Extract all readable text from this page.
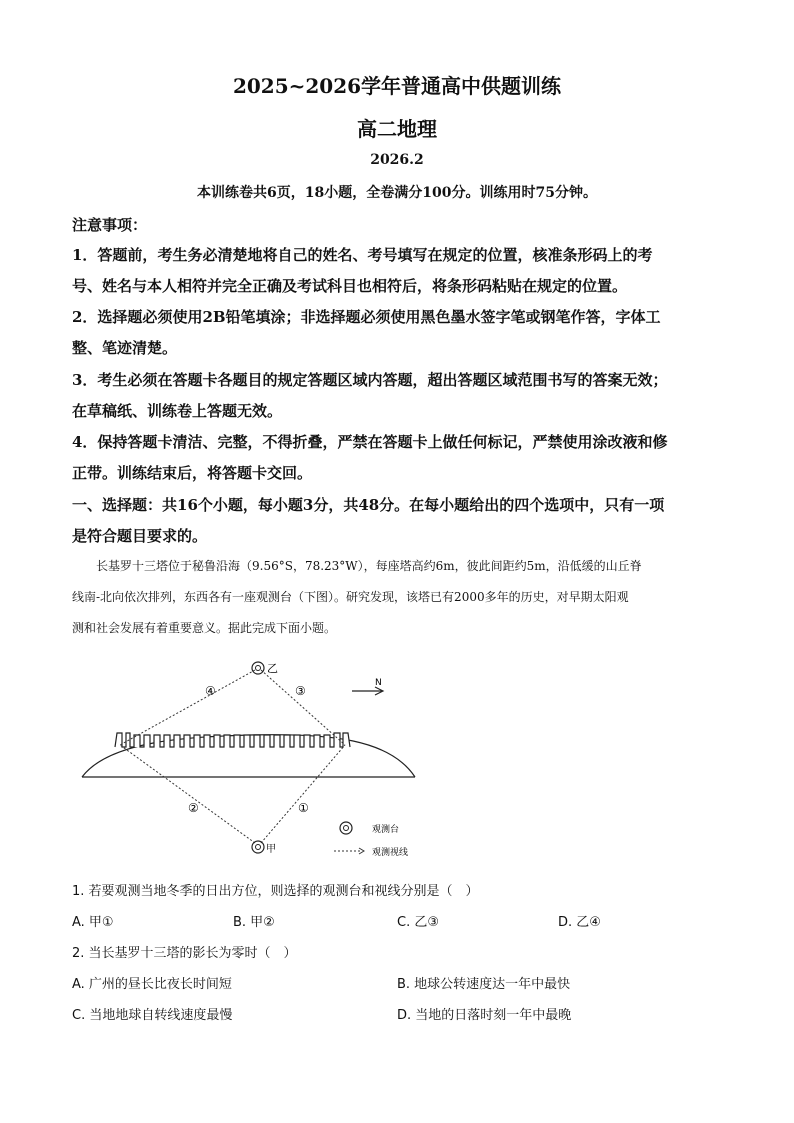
2025~2026学年普通高中供题训练
高二地理
2026.2
本训练卷共6页，18小题，全卷满分100分。训练用时75分钟。
注意事项：
1．答题前，考生务必清楚地将自己的姓名、考号填写在规定的位置，核准条形码上的考
号、姓名与本人相符并完全正确及考试科目也相符后，将条形码粘贴在规定的位置。
2．选择题必须使用2B铅笔填涂；非选择题必须使用黑色墨水签字笔或钢笔作答，字体工
整、笔迹清楚。
3．考生必须在答题卡各题目的规定答题区域内答题，超出答题区域范围书写的答案无效；
在草稿纸、训练卷上答题无效。
4．保持答题卡清洁、完整，不得折叠，严禁在答题卡上做任何标记，严禁使用涂改液和修
正带。训练结束后，将答题卡交回。
一、选择题：共16个小题，每小题3分，共48分。在每小题给出的四个选项中，只有一项
是符合题目要求的。
　　长基罗十三塔位于秘鲁沿海（9.56°S，78.23°W），每座塔高约6m，彼此间距约5m，沿低缓的山丘脊
线南-北向依次排列，东西各有一座观测台（下图）。研究发现，该塔已有2000多年的历史，对早期太阳观
测和社会发展有着重要意义。据此完成下面小题。
乙
甲
④	③
②	①
N
观测台
观测视线
1. 若要观测当地冬季的日出方位，则选择的观测台和视线分别是（　）
A. 甲①	B. 甲②	C. 乙③	D. 乙④
2. 当长基罗十三塔的影长为零时（　）
A. 广州的昼长比夜长时间短	B. 地球公转速度达一年中最快
C. 当地地球自转线速度最慢	D. 当地的日落时刻一年中最晚
